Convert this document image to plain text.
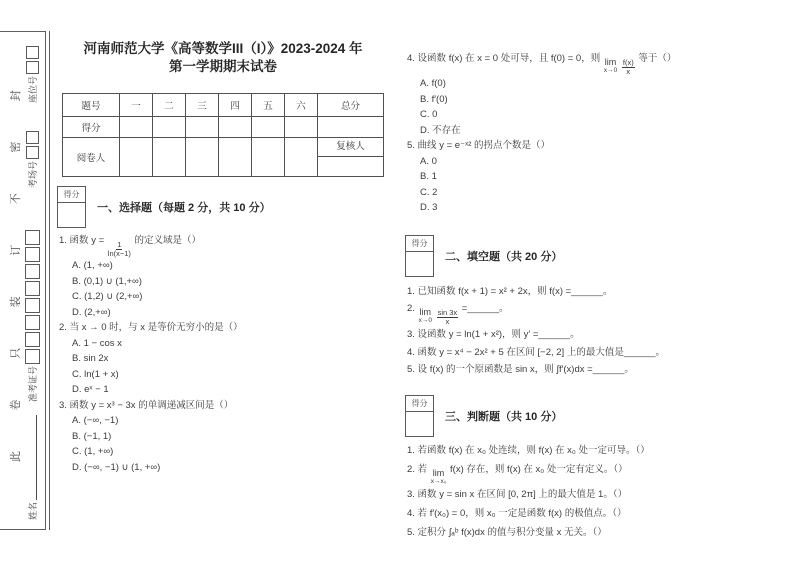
此
卷
只
装
订
不
密
封 座位号
考场号
准考证号
姓名
河南师范大学《高等数学III（I）》2023-2024 年
第一学期期末试卷
题号	一	二	三	四	五	六	总分
得分							
阅卷人							复核人
得分
一、选择题（每题 2 分，共 10 分）
1. 函数 y =
$\frac{1}{\ln(x-1)}$
的定义域是（）
A. (1, +∞)
B. (0,1) ∪ (1,+∞)
C. (1,2) ∪ (2,+∞)
D. (2,+∞)
2. 当 x → 0 时，与 x 是等价无穷小的是（）
A. 1 − cos x
B. sin 2x
C. ln(1 + x)
D. eˣ − 1
3. 函数 y = x³ − 3x 的单调递减区间是（）
A. (−∞, −1)
B. (−1, 1)
C. (1, +∞)
D. (−∞, −1) ∪ (1, +∞)
4. 设函数 f(x) 在 x = 0 处可导，且 f(0) = 0，则 lim
x→0
$\frac{f(x)}{x}$
等于（）
A. f(0)
B. f′(0)
C. 0
D. 不存在
5. 曲线 y = e⁻ˣ² 的拐点个数是（）
A. 0
B. 1
C. 2
D. 3
得分
二、填空题（共 20 分）
1. 已知函数 f(x + 1) = x² + 2x，则 f(x) =______。
2. lim
x→0
$\frac{\sin 3x}{x}$
=______。
3. 设函数 y = ln(1 + x²)，则 y′ =______。
4. 函数 y = x⁴ − 2x² + 5 在区间 [−2, 2] 上的最大值是______。
5. 设 f(x) 的一个原函数是 sin x，则 ∫f′(x)dx =______。
得分
三、判断题（共 10 分）
1. 若函数 f(x) 在 x₀ 处连续，则 f(x) 在 x₀ 处一定可导。（）
2. 若 lim
x→x₀
f(x) 存在，则 f(x) 在 x₀ 处一定有定义。（）
3. 函数 y = sin x 在区间 [0, 2π] 上的最大值是 1。（）
4. 若 f′(x₀) = 0，则 x₀ 一定是函数 f(x) 的极值点。（）
5. 定积分 ∫ₐᵇ f(x)dx 的值与积分变量 x 无关。（）
